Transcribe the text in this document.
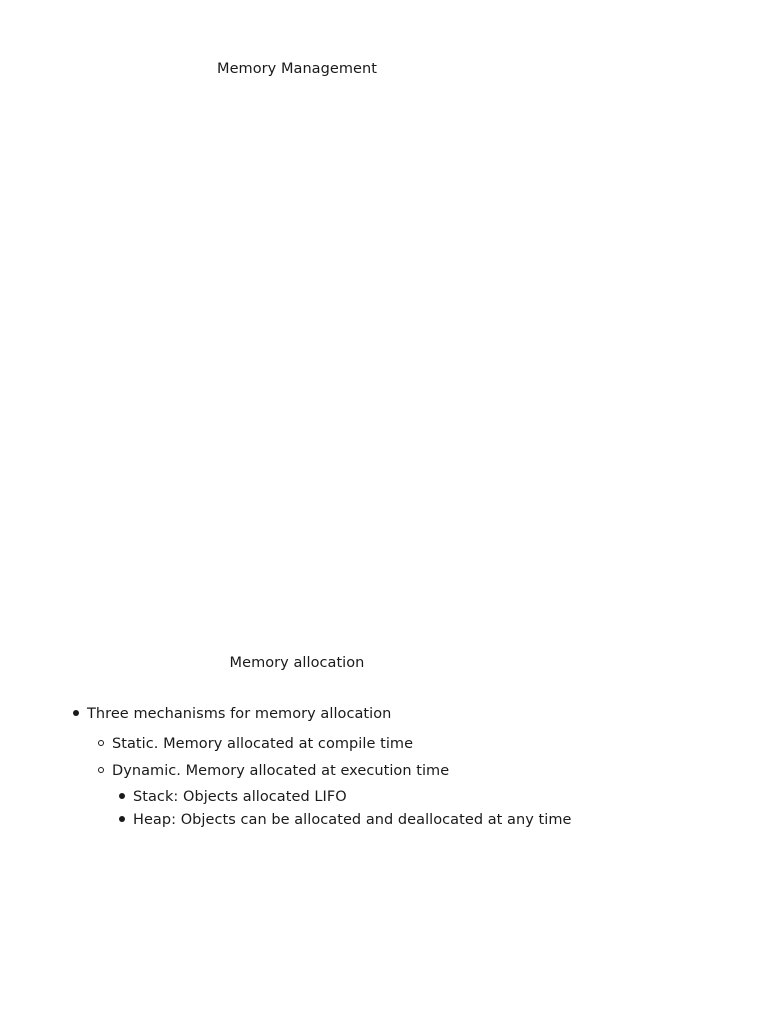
Memory Management
Memory allocation
Three mechanisms for memory allocation
Static. Memory allocated at compile time
Dynamic. Memory allocated at execution time
Stack: Objects allocated LIFO
Heap: Objects can be allocated and deallocated at any time
